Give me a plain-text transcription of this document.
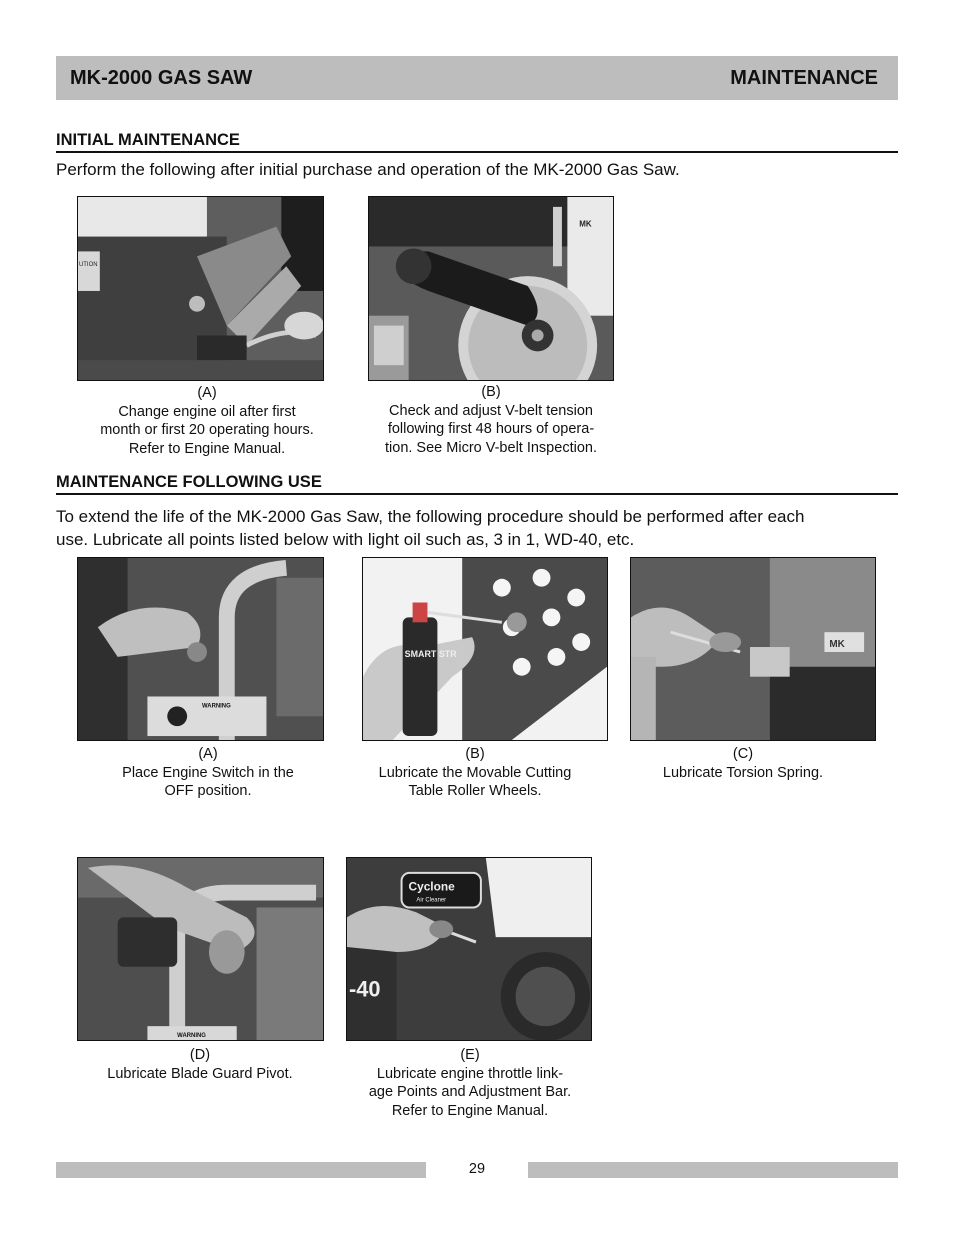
MK-2000 GAS SAW	MAINTENANCE
INITIAL MAINTENANCE
Perform the following after initial purchase and operation of the MK-2000 Gas Saw.
UTION
(A)
Change engine oil after first
month or first 20 operating hours.
Refer to Engine Manual.
MK
(B)
Check and adjust V-belt tension
following first 48 hours of opera-
tion. See Micro V-belt Inspection.
MAINTENANCE FOLLOWING USE
To extend the life of the MK-2000 Gas Saw, the following procedure should be performed after each
use. Lubricate all points listed below with light oil such as, 3 in 1, WD-40, etc.
WARNING
(A)
Place Engine Switch in the
OFF position.
SMART STR
(B)
Lubricate the Movable Cutting
Table Roller Wheels.
MK
(C)
Lubricate Torsion Spring.
WARNING
(D)
Lubricate Blade Guard Pivot.
Cyclone
Air Cleaner
-40
(E)
Lubricate engine throttle link-
age Points and Adjustment Bar.
Refer to Engine Manual.
29
